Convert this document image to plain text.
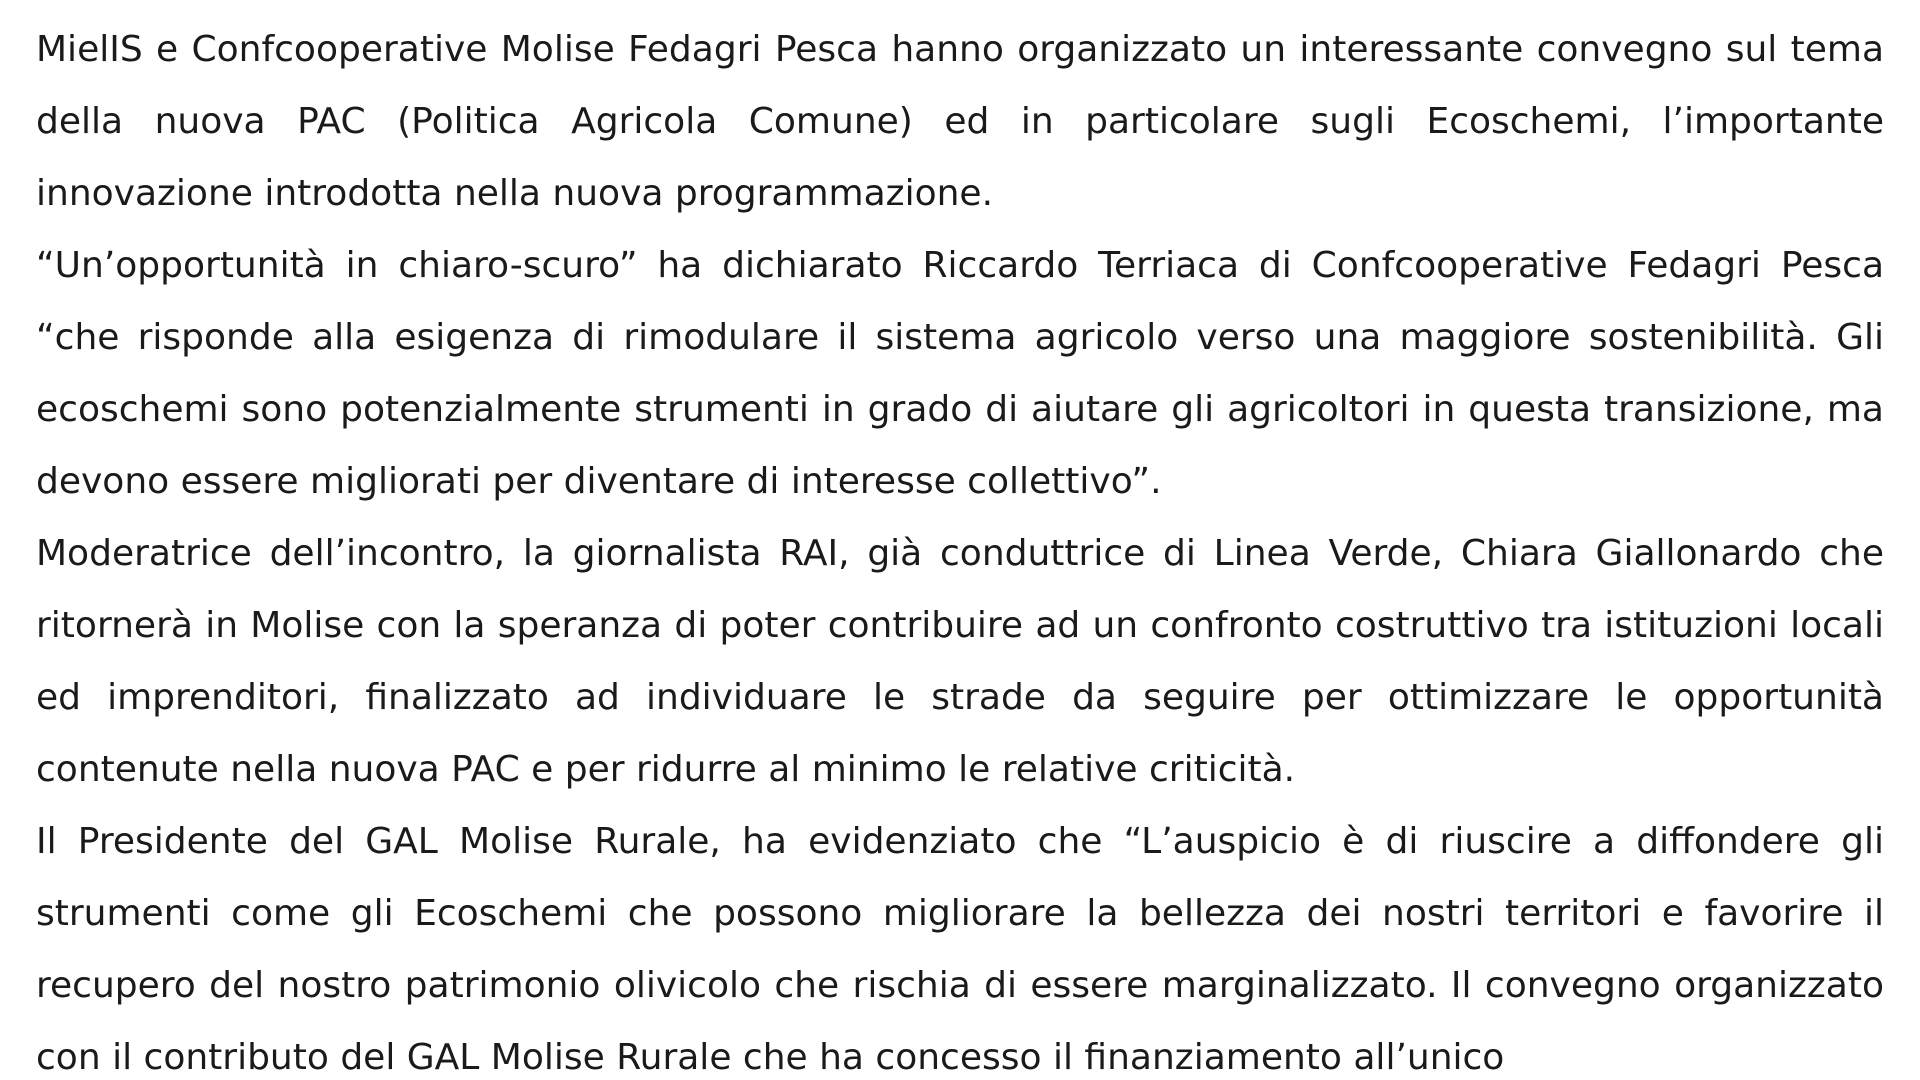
MielIS e Confcooperative Molise Fedagri Pesca hanno organizzato un interessante convegno sul tema della nuova PAC (Politica Agricola Comune) ed in particolare sugli Ecoschemi, l’importante innovazione introdotta nella nuova programmazione.

“Un’opportunità in chiaro-scuro” ha dichiarato Riccardo Terriaca di Confcooperative Fedagri Pesca “che risponde alla esigenza di rimodulare il sistema agricolo verso una maggiore sostenibilità. Gli ecoschemi sono potenzialmente strumenti in grado di aiutare gli agricoltori in questa transizione, ma devono essere migliorati per diventare di interesse collettivo”.

Moderatrice dell’incontro, la giornalista RAI, già conduttrice di Linea Verde, Chiara Giallonardo che ritornerà in Molise con la speranza di poter contribuire ad un confronto costruttivo tra istituzioni locali ed imprenditori, finalizzato ad individuare le strade da seguire per ottimizzare le opportunità contenute nella nuova PAC e per ridurre al minimo le relative criticità.

Il Presidente del GAL Molise Rurale, ha evidenziato che “L’auspicio è di riuscire a diffondere gli strumenti come gli Ecoschemi che possono migliorare la bellezza dei nostri territori e favorire il recupero del nostro patrimonio olivicolo che rischia di essere marginalizzato. Il convegno organizzato con il contributo del GAL Molise Rurale che ha concesso il finanziamento all’unico
